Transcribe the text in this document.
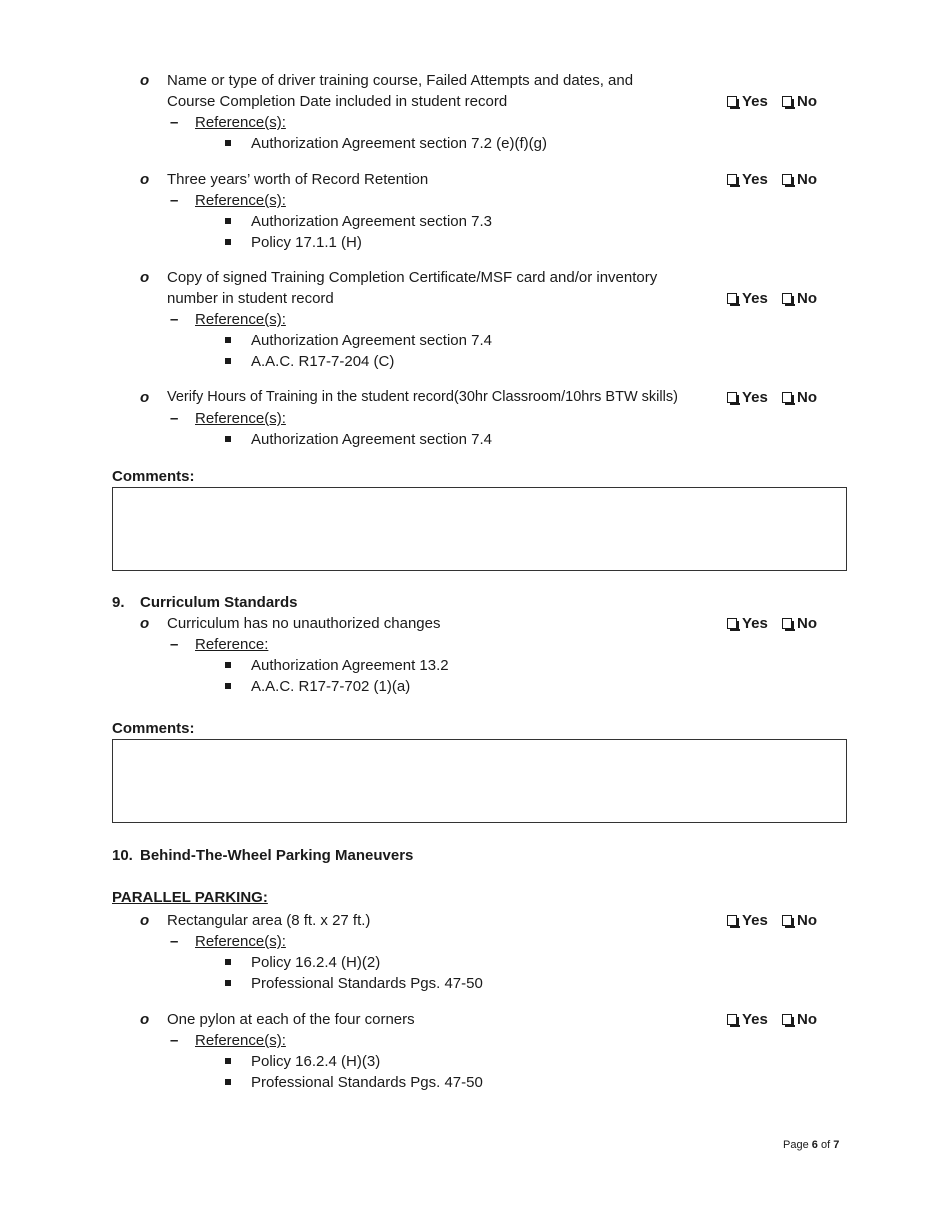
o Name or type of driver training course, Failed Attempts and dates, and
Course Completion Date included in student record	Yes	No
– Reference(s):
Authorization Agreement section 7.2 (e)(f)(g)
o Three years’ worth of Record Retention	Yes	No
– Reference(s):
Authorization Agreement section 7.3
Policy 17.1.1 (H)
o Copy of signed Training Completion Certificate/MSF card and/or inventory
number in student record	Yes	No
– Reference(s):
Authorization Agreement section 7.4
A.A.C. R17-7-204 (C)
o Verify Hours of Training in the student record(30hr Classroom/10hrs BTW skills)	Yes	No
– Reference(s):
Authorization Agreement section 7.4
Comments:
9. Curriculum Standards
o Curriculum has no unauthorized changes	Yes	No
– Reference:
Authorization Agreement 13.2
A.A.C. R17-7-702 (1)(a)
Comments:
10. Behind-The-Wheel Parking Maneuvers
PARALLEL PARKING:
o Rectangular area (8 ft. x 27 ft.)	Yes	No
– Reference(s):
Policy 16.2.4 (H)(2)
Professional Standards Pgs. 47-50
o One pylon at each of the four corners	Yes	No
– Reference(s):
Policy 16.2.4 (H)(3)
Professional Standards Pgs. 47-50
Page 6 of 7
